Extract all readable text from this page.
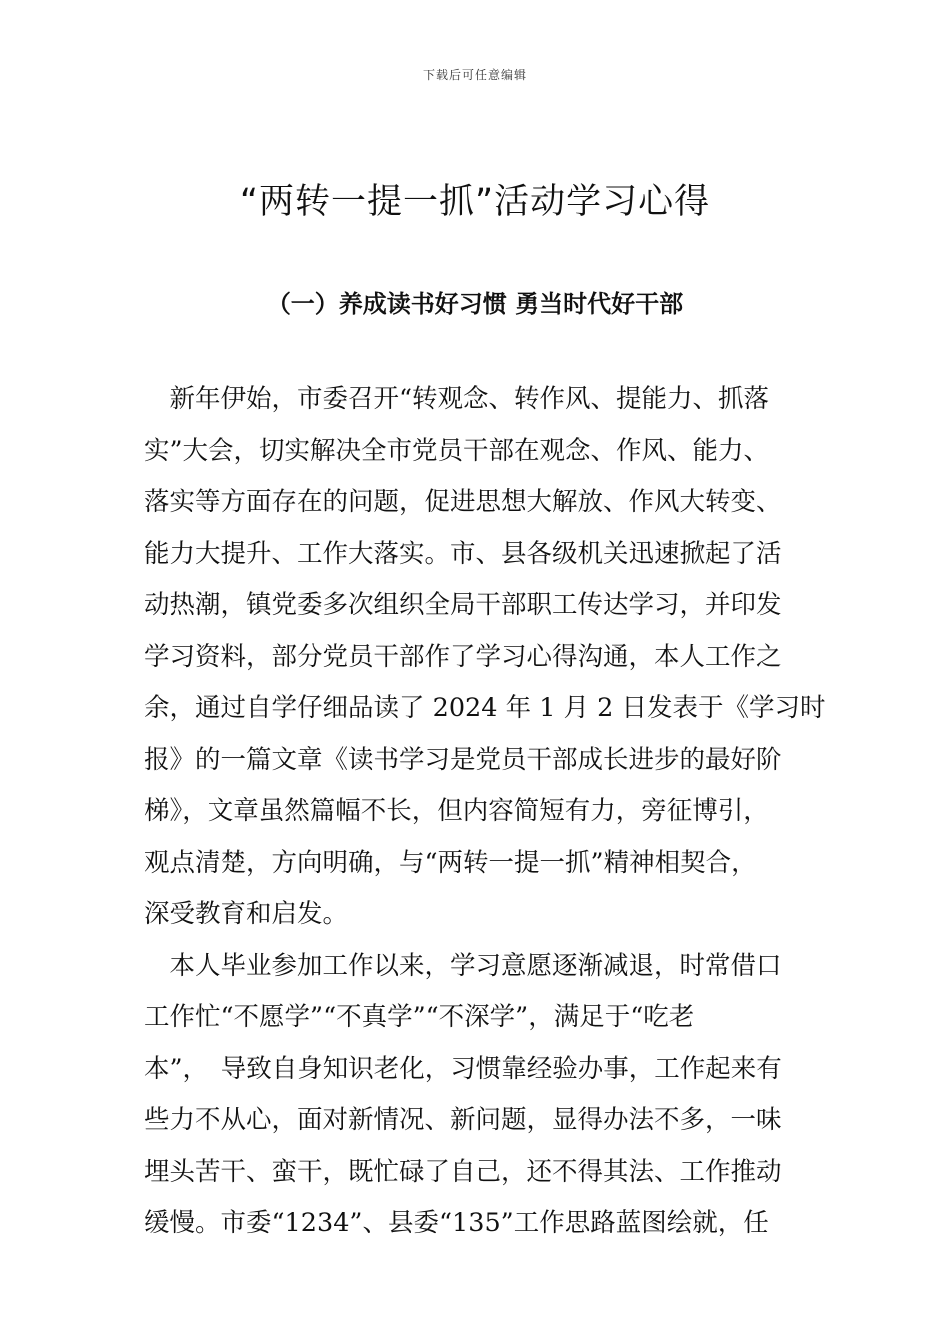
下载后可任意编辑
“两转一提一抓”活动学习心得
（一）养成读书好习惯 勇当时代好干部
　新年伊始，市委召开“转观念、转作风、提能力、抓落
实”大会，切实解决全市党员干部在观念、作风、能力、
落实等方面存在的问题，促进思想大解放、作风大转变、
能力大提升、工作大落实。市、县各级机关迅速掀起了活
动热潮，镇党委多次组织全局干部职工传达学习，并印发
学习资料，部分党员干部作了学习心得沟通，本人工作之
余，通过自学仔细品读了 2024 年 1 月 2 日发表于《学习时
报》的一篇文章《读书学习是党员干部成长进步的最好阶
梯》，文章虽然篇幅不长，但内容简短有力，旁征博引，
观点清楚，方向明确，与“两转一提一抓”精神相契合，
深受教育和启发。
　本人毕业参加工作以来，学习意愿逐渐减退，时常借口
工作忙“不愿学”“不真学”“不深学”，满足于“吃老
本”，　导致自身知识老化，习惯靠经验办事，工作起来有
些力不从心，面对新情况、新问题，显得办法不多，一味
埋头苦干、蛮干，既忙碌了自己，还不得其法、工作推动
缓慢。市委“1234”、县委“135”工作思路蓝图绘就，任
